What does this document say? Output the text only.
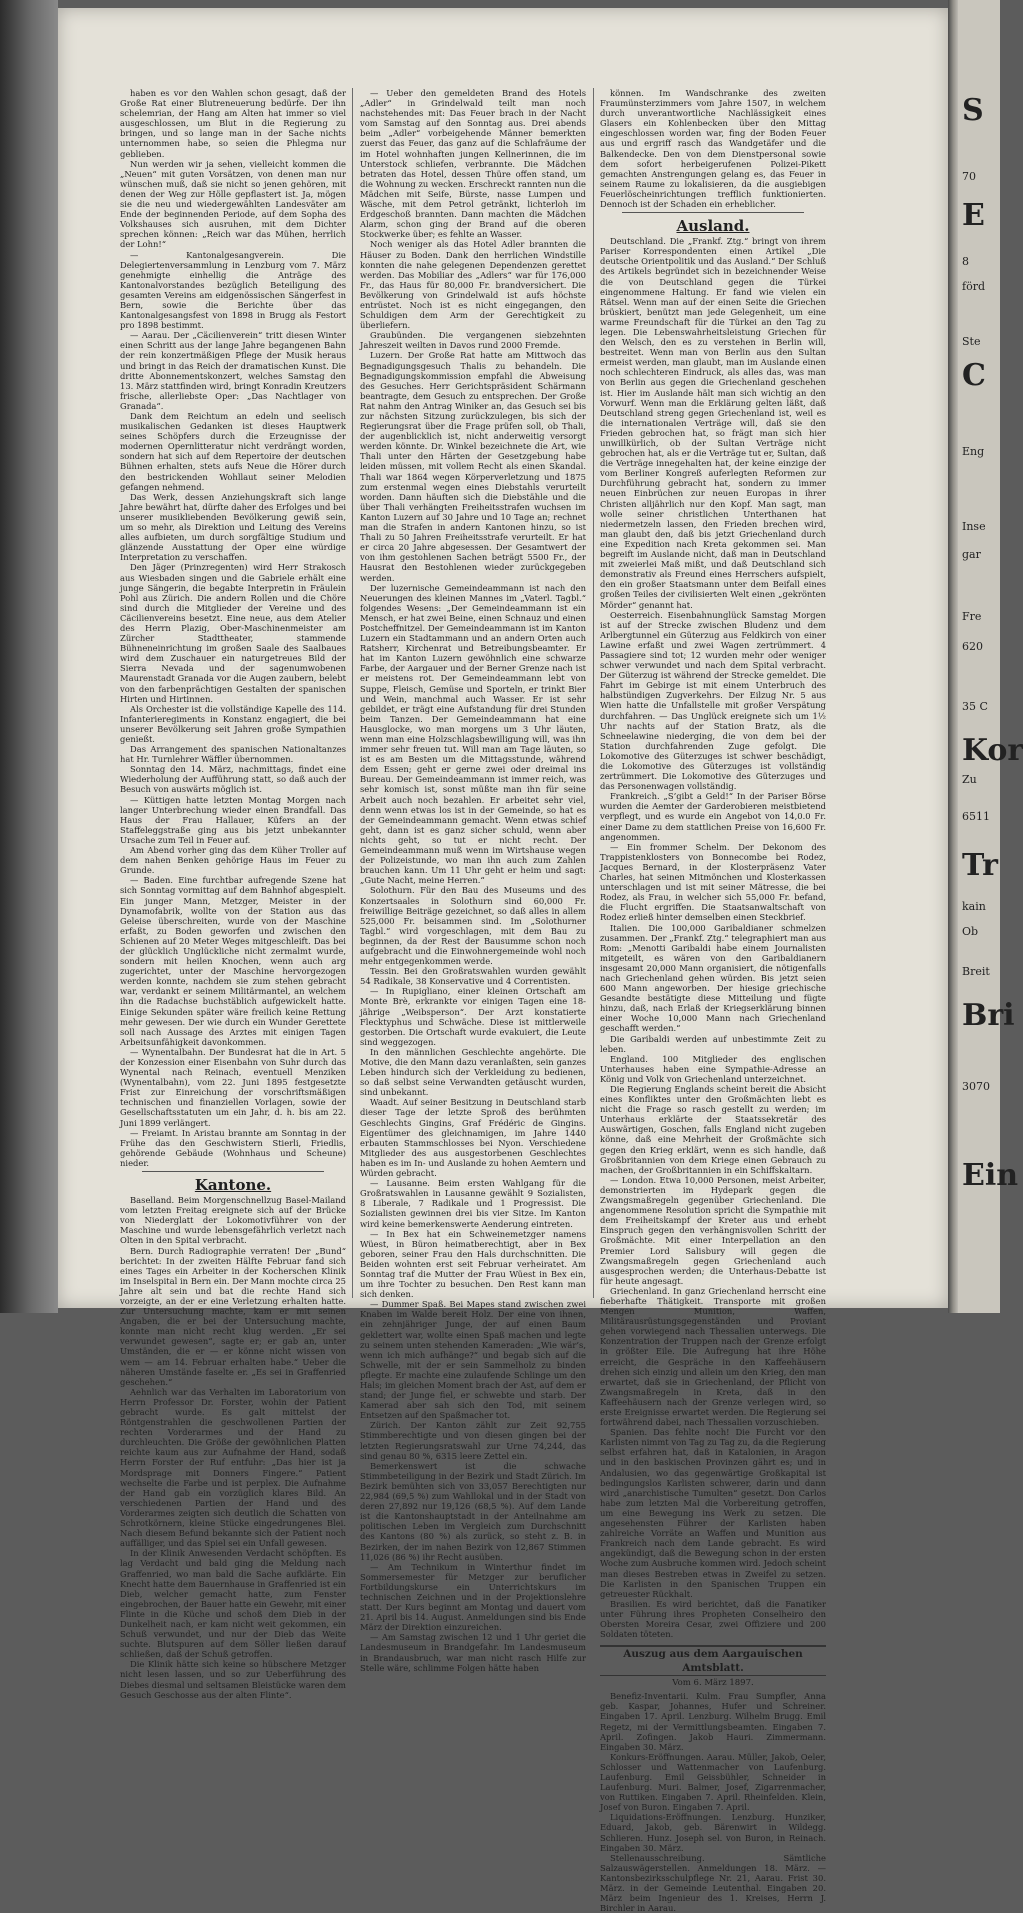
haben es vor den Wahlen schon gesagt, daß der Große Rat einer Blutreneuerung bedürfe. Der ihn schelemrian, der Hang am Alten hat immer so viel ausgeschlossen, um Blut in die Regierung zu bringen, und so lange man in der Sache nichts unternommen habe, so seien die Phlegma nur geblieben.

Nun werden wir ja sehen, vielleicht kommen die „Neuen“ mit guten Vorsätzen, von denen man nur wünschen muß, daß sie nicht so jenen gehören, mit denen der Weg zur Hölle gepflastert ist. Ja, mögen sie die neu und wiedergewählten Landesväter am Ende der beginnenden Periode, auf dem Sopha des Volkshauses sich ausruhen, mit dem Dichter sprechen können: „Reich war das Mühen, herrlich der Lohn!“

— Kantonalgesangverein. Die Delegiertenversammlung in Lenzburg vom 7. März genehmigte einhellig die Anträge des Kantonalvorstandes bezüglich Beteiligung des gesamten Vereins am eidgenössischen Sängerfest in Bern, sowie die Berichte über das Kantonalgesangsfest von 1898 in Brugg als Festort pro 1898 bestimmt.

— Aarau. Der „Cäcilienverein“ tritt diesen Winter einen Schritt aus der lange Jahre begangenen Bahn der rein konzertmäßigen Pflege der Musik heraus und bringt in das Reich der dramatischen Kunst. Die dritte Abonnementskonzert, welches Samstag den 13. März stattfinden wird, bringt Konradin Kreutzers frische, allerliebste Oper: „Das Nachtlager von Granada“.

Dank dem Reichtum an edeln und seelisch musikalischen Gedanken ist dieses Hauptwerk seines Schöpfers durch die Erzeugnisse der modernen Opernlitteratur nicht verdrängt worden, sondern hat sich auf dem Repertoire der deutschen Bühnen erhalten, stets aufs Neue die Hörer durch den bestrickenden Wohllaut seiner Melodien gefangen nehmend.

Das Werk, dessen Anziehungskraft sich lange Jahre bewährt hat, dürfte daher des Erfolges und bei unserer musikliebenden Bevölkerung gewiß sein, um so mehr, als Direktion und Leitung des Vereins alles aufbieten, um durch sorgfältige Studium und glänzende Ausstattung der Oper eine würdige Interpretation zu verschaffen.

Den Jäger (Prinzregenten) wird Herr Strakosch aus Wiesbaden singen und die Gabriele erhält eine junge Sängerin, die begabte Interpretin in Fräulein Pohl aus Zürich. Die andern Rollen und die Chöre sind durch die Mitglieder der Vereine und des Cäcilienvereins besetzt. Eine neue, aus dem Atelier des Herrn Plazig, Ober-Maschinenmeister am Zürcher Stadttheater, stammende Bühneneinrichtung im großen Saale des Saalbaues wird dem Zuschauer ein naturgetreues Bild der Sierra Nevada und der sagenumwobenen Maurenstadt Granada vor die Augen zaubern, belebt von den farbenprächtigen Gestalten der spanischen Hirten und Hirtinnen.

Als Orchester ist die vollständige Kapelle des 114. Infanterieregiments in Konstanz engagiert, die bei unserer Bevölkerung seit Jahren große Sympathien genießt.

Das Arrangement des spanischen Nationaltanzes hat Hr. Turnlehrer Wäffler übernommen.

Sonntag den 14. März, nachmittags, findet eine Wiederholung der Aufführung statt, so daß auch der Besuch von auswärts möglich ist.

— Küttigen hatte letzten Montag Morgen nach langer Unterbrechung wieder einen Brandfall. Das Haus der Frau Hallauer, Küfers an der Staffeleggstraße ging aus bis jetzt unbekannter Ursache zum Teil in Feuer auf.

Am Abend vorher ging das dem Küher Troller auf dem nahen Benken gehörige Haus im Feuer zu Grunde.

— Baden. Eine furchtbar aufregende Szene hat sich Sonntag vormittag auf dem Bahnhof abgespielt. Ein junger Mann, Metzger, Meister in der Dynamofabrik, wollte von der Station aus das Geleise überschreiten, wurde von der Maschine erfaßt, zu Boden geworfen und zwischen den Schienen auf 20 Meter Weges mitgeschleift. Das bei der glücklich Unglückliche nicht zermalmt wurde, sondern mit heilen Knochen, wenn auch arg zugerichtet, unter der Maschine hervorgezogen werden konnte, nachdem sie zum stehen gebracht war, verdankt er seinem Militärmantel, an welchem ihn die Radachse buchstäblich aufgewickelt hatte. Einige Sekunden später wäre freilich keine Rettung mehr gewesen. Der wie durch ein Wunder Gerettete soll nach Aussage des Arztes mit einigen Tagen Arbeitsunfähigkeit davonkommen.

— Wynentalbahn. Der Bundesrat hat die in Art. 5 der Konzession einer Eisenbahn von Suhr durch das Wynental nach Reinach, eventuell Menziken (Wynentalbahn), vom 22. Juni 1895 festgesetzte Frist zur Einreichung der vorschriftsmäßigen technischen und finanziellen Vorlagen, sowie der Gesellschaftsstatuten um ein Jahr, d. h. bis am 22. Juni 1899 verlängert.

— Freiamt. In Aristau brannte am Sonntag in der Frühe das den Geschwistern Stierli, Friedlis, gehörende Gebäude (Wohnhaus und Scheune) nieder.

Kantone.

Baselland. Beim Morgenschnellzug Basel-Mailand vom letzten Freitag ereignete sich auf der Brücke von Niederglatt der Lokomotivführer von der Maschine und wurde lebensgefährlich verletzt nach Olten in den Spital verbracht.

Bern. Durch Radiographie verraten! Der „Bund“ berichtet: In der zweiten Hälfte Februar fand sich eines Tages ein Arbeiter in der Kocherschen Klinik im Inselspital in Bern ein. Der Mann mochte circa 25 Jahre alt sein und bat die rechte Hand sich vorzeigte, an der er eine Verletzung erhalten hatte. Zur Untersuchung machte, kam er mit seinen Angaben, die er bei der Untersuchung machte, konnte man nicht recht klug werden. „Er sei verwundet gewesen“, sagte er; er gab an, unter Umständen, die er — er könne nicht wissen von wem — am 14. Februar erhalten habe.“ Ueber die näheren Umstände faselte er. „Es sei in Graffenried geschehen.“

Aehnlich war das Verhalten im Laboratorium von Herrn Professor Dr. Forster, wohin der Patient gebracht wurde. Es galt mittelst der Röntgenstrahlen die geschwollenen Partien der rechten Vorderarmes und der Hand zu durchleuchten. Die Größe der gewöhnlichen Platten reichte kaum aus zur Aufnahme der Hand, sodaß Herrn Forster der Ruf entfuhr: „Das hier ist ja Mordsprage mit Donners Fingere.“ Patient wechselte die Farbe und ist perplex. Die Aufnahme der Hand gab ein vorzüglich klares Bild. An verschiedenen Partien der Hand und des Vorderarmes zeigten sich deutlich die Schatten von Schrotkörnern, kleine Stücke eingedrungenes Blei. Nach diesem Befund bekannte sich der Patient noch auffälliger, und das Spiel sei ein Unfall gewesen.

In der Klinik Anwesenden Verdacht schöpften. Es lag Verdacht und bald ging die Meldung nach Graffenried, wo man bald die Sache aufklärte. Ein Knecht hatte dem Bauernhause in Graffenried ist ein Dieb, welcher gemacht hatte, zum Fenster eingebrochen, der Bauer hatte ein Gewehr, mit einer Flinte in die Küche und schoß dem Dieb in der Dunkelheit nach, er kam nicht weit gekommen, ein Schuß verwundet, und nur der Dieb das Weite suchte. Blutspuren auf dem Söller ließen darauf schließen, daß der Schuß getroffen.

Die Klinik hätte sich keine so hübschere Metzger nicht lesen lassen, und so zur Ueberführung des Diebes diesmal und seltsamen Bleistücke waren dem Gesuch Geschosse aus der alten Flinte“.

— Ueber den gemeldeten Brand des Hotels „Adler“ in Grindelwald teilt man noch nachstehendes mit: Das Feuer brach in der Nacht vom Samstag auf den Sonntag aus. Drei abends beim „Adler“ vorbeigehende Männer bemerkten zuerst das Feuer, das ganz auf die Schlafräume der im Hotel wohnhaften jungen Kellnerinnen, die im Unterstock schliefen, verbrannte. Die Mädchen betraten das Hotel, dessen Thüre offen stand, um die Wohnung zu wecken. Erschreckt rannten nun die Mädchen mit Seife, Bürste, nasse Lumpen und Wäsche, mit dem Petrol getränkt, lichterloh im Erdgeschoß brannten. Dann machten die Mädchen Alarm, schon ging der Brand auf die oberen Stockwerke über; es fehlte an Wasser.

Noch weniger als das Hotel Adler brannten die Häuser zu Boden. Dank den herrlichen Windstille konnten die nahe gelegenen Dependenzen gerettet werden. Das Mobiliar des „Adlers“ war für 176,000 Fr., das Haus für 80,000 Fr. brandversichert. Die Bevölkerung von Grindelwald ist aufs höchste entrüstet. Noch ist es nicht eingegangen, den Schuldigen dem Arm der Gerechtigkeit zu überliefern.

Graubünden. Die vergangenen siebzehnten Jahreszeit weilten in Davos rund 2000 Fremde.

Luzern. Der Große Rat hatte am Mittwoch das Begnadigungsgesuch Thalis zu behandeln. Die Begnadigungskommission empfahl die Abweisung des Gesuches. Herr Gerichtspräsident Schärmann beantragte, dem Gesuch zu entsprechen. Der Große Rat nahm den Antrag Winiker an, das Gesuch sei bis zur nächsten Sitzung zurückzulegen, bis sich der Regierungsrat über die Frage prüfen soll, ob Thali, der augenblicklich ist, nicht anderweitig versorgt werden könnte. Dr. Winkel bezeichnete die Art, wie Thali unter den Härten der Gesetzgebung habe leiden müssen, mit vollem Recht als einen Skandal. Thali war 1864 wegen Körperverletzung und 1875 zum erstenmal wegen eines Diebstahls verurteilt worden. Dann häuften sich die Diebstähle und die über Thali verhängten Freiheitsstrafen wuchsen im Kanton Luzern auf 30 Jahre und 10 Tage an; rechnet man die Strafen in andern Kantonen hinzu, so ist Thali zu 50 Jahren Freiheitsstrafe verurteilt. Er hat er circa 20 Jahre abgesessen. Der Gesamtwert der von ihm gestohlenen Sachen beträgt 5500 Fr., der Hausrat den Bestohlenen wieder zurückgegeben werden.

Der luzernische Gemeindeammann ist nach den Neuerungen des kleinen Mannes im „Vaterl. Tagbl.“ folgendes Wesens: „Der Gemeindeammann ist ein Mensch, er hat zwei Beine, einen Schnauz und einen Postcheffnitzel. Der Gemeindeammann ist im Kanton Luzern ein Stadtammann und an andern Orten auch Ratsherr, Kirchenrat und Betreibungsbeamter. Er hat im Kanton Luzern gewöhnlich eine schwarze Farbe, der Aargauer und der Berner Grenze nach ist er meistens rot. Der Gemeindeammann lebt von Suppe, Fleisch, Gemüse und Sporteln, er trinkt Bier und Wein, manchmal auch Wasser. Er ist sehr gebildet, er trägt eine Aufstandung für drei Stunden beim Tanzen. Der Gemeindeammann hat eine Hausglocke, wo man morgens um 3 Uhr läuten, wenn man eine Holzschlagsbewilligung will, was ihn immer sehr freuen tut. Will man am Tage läuten, so ist es am Besten um die Mittagsstunde, während dem Essen; geht er gerne zwei oder dreimal ins Bureau. Der Gemeindeammann ist immer reich, was sehr komisch ist, sonst müßte man ihn für seine Arbeit auch noch bezahlen. Er arbeitet sehr viel, denn wenn etwas los ist in der Gemeinde, so hat es der Gemeindeammann gemacht. Wenn etwas schief geht, dann ist es ganz sicher schuld, wenn aber nichts geht, so tut er nicht recht. Der Gemeindeammann muß wenn im Wirtshause wegen der Polizeistunde, wo man ihn auch zum Zahlen brauchen kann. Um 11 Uhr geht er heim und sagt: „Gute Nacht, meine Herren.“

Solothurn. Für den Bau des Museums und des Konzertsaales in Solothurn sind 60,000 Fr. freiwillige Beiträge gezeichnet, so daß alles in allem 525,000 Fr. beisammen sind. Im „Solothurner Tagbl.“ wird vorgeschlagen, mit dem Bau zu beginnen, da der Rest der Bausumme schon noch aufgebracht und die Einwohnergemeinde wohl noch mehr entgegenkommen werde.

Tessin. Bei den Großratswahlen wurden gewählt 54 Radikale, 38 Konservative und 4 Correntisten.

— In Rupigliano, einer kleinen Ortschaft am Monte Brè, erkrankte vor einigen Tagen eine 18-jährige „Weibsperson“. Der Arzt konstatierte Flecktyphus und Schwäche. Diese ist mittlerweile gestorben. Die Ortschaft wurde evakuiert, die Leute sind weggezogen.

In den männlichen Geschlechte angehörte. Die Motive, die den Mann dazu veranlaßten, sein ganzes Leben hindurch sich der Verkleidung zu bedienen, so daß selbst seine Verwandten getäuscht wurden, sind unbekannt.

Waadt. Auf seiner Besitzung in Deutschland starb dieser Tage der letzte Sproß des berühmten Geschlechts Gingins, Graf Frédéric de Gingins. Eigentümer des gleichnamigen, im Jahre 1440 erbauten Stammschlosses bei Nyon. Verschiedene Mitglieder des aus ausgestorbenen Geschlechtes haben es im In- und Auslande zu hohen Aemtern und Würden gebracht.

— Lausanne. Beim ersten Wahlgang für die Großratswahlen in Lausanne gewählt 9 Sozialisten, 8 Liberale, 7 Radikale und 1 Progressist. Die Sozialisten gewinnen drei bis vier Sitze. Im Kanton wird keine bemerkenswerte Aenderung eintreten.

— In Bex hat ein Schweinemetzger namens Wüest, in Büron heimatberechtigt, aber in Bex geboren, seiner Frau den Hals durchschnitten. Die Beiden wohnten erst seit Februar verheiratet. Am Sonntag traf die Mutter der Frau Wüest in Bex ein, um ihre Tochter zu besuchen. Den Rest kann man sich denken.

— Dummer Spaß. Bei Mapes stand zwischen zwei Knaben im Walde bereit Holz. Der eine von ihnen, ein zehnjähriger Junge, der auf einen Baum geklettert war, wollte einen Spaß machen und legte zu seinem unten stehenden Kameraden: „Wie wär’s, wenn ich mich aufhänge?“ und begab sich auf die Schwelle, mit der er sein Sammelholz zu binden pflegte. Er machte eine zulaufende Schlinge um den Hals; im gleichen Moment brach der Ast, auf dem er stand; der Junge fiel, er schwebte und starb. Der Kamerad aber sah sich den Tod, mit seinem Entsetzen auf den Spaßmacher tot.

Zürich. Der Kanton zählt zur Zeit 92,755 Stimmberechtigte und von diesen gingen bei der letzten Regierungsratswahl zur Urne 74,244, das sind genau 80 %, 6315 leere Zettel ein.

Bemerkenswert ist die schwache Stimmbeteiligung in der Bezirk und Stadt Zürich. Im Bezirk bemühten sich von 33,057 Berechtigten nur 22,984 (69,5 %) zum Wahllokal und in der Stadt von deren 27,892 nur 19,126 (68,5 %). Auf dem Lande ist die Kantonshauptstadt in der Anteilnahme am politischen Leben im Vergleich zum Durchschnitt des Kantons (80 %) als zurück, so steht z. B. in Bezirken, der im nahen Bezirk von 12,867 Stimmen 11,026 (86 %) ihr Recht ausüben.

— Am Technikum in Winterthur findet im Sommersemester für Metzger zur beruflicher Fortbildungskurse ein Unterrichtskurs im technischen Zeichnen und in der Projektionslehre statt. Der Kurs beginnt am Montag und dauert vom 21. April bis 14. August. Anmeldungen sind bis Ende März der Direktion einzureichen.

— Am Samstag zwischen 12 und 1 Uhr geriet die Landesmuseum in Brandgefahr. Im Landesmuseum in Brandausbruch, war man nicht rasch Hilfe zur Stelle wäre, schlimme Folgen hätte haben

können. Im Wandschranke des zweiten Fraumünsterzimmers vom Jahre 1507, in welchem durch unverantwortliche Nachlässigkeit eines Glasers ein Kohlenbecken über den Mittag eingeschlossen worden war, fing der Boden Feuer aus und ergriff rasch das Wandgetäfer und die Balkendecke. Den von dem Dienstpersonal sowie dem sofort herbeigerufenen Polizei-Pikett gemachten Anstrengungen gelang es, das Feuer in seinem Raume zu lokalisieren, da die ausgiebigen Feuerlöscheinrichtungen trefflich funktionierten. Dennoch ist der Schaden ein erheblicher.

Ausland.

Deutschland. Die „Frankf. Ztg.“ bringt von ihrem Pariser Korrespondenten einen Artikel „Die deutsche Orientpolitik und das Ausland.“ Der Schluß des Artikels begründet sich in bezeichnender Weise die von Deutschland gegen die Türkei eingenommene Haltung. Er fand wie vielen ein Rätsel. Wenn man auf der einen Seite die Griechen brüskiert, benützt man jede Gelegenheit, um eine warme Freundschaft für die Türkei an den Tag zu legen. Die Lebenswahrheitsleistung Griechen für den Welsch, den es zu verstehen in Berlin will, bestreitet. Wenn man von Berlin aus den Sultan ermeist werden, man glaubt, man im Auslande einen noch schlechteren Eindruck, als alles das, was man von Berlin aus gegen die Griechenland geschehen ist. Hier im Auslande hält man sich wichtig an den Vorwurf. Wenn man die Erklärung gelten läßt, daß Deutschland streng gegen Griechenland ist, weil es die internationalen Verträge will, daß sie den Frieden gebrochen hat, so frägt man sich hier unwillkürlich, ob der Sultan Verträge nicht gebrochen hat, als er die Verträge tut er, Sultan, daß die Verträge innegehalten hat, der keine einzige der vom Berliner Kongreß auferlegten Reformen zur Durchführung gebracht hat, sondern zu immer neuen Einbrüchen zur neuen Europas in ihrer Christen alljährlich nur den Kopf. Man sagt, man wolle seiner christlichen Unterthanen hat niedermetzeln lassen, den Frieden brechen wird, man glaubt den, daß bis jetzt Griechenland durch eine Expedition nach Kreta gekommen sei. Man begreift im Auslande nicht, daß man in Deutschland mit zweierlei Maß mißt, und daß Deutschland sich demonstrativ als Freund eines Herrschers aufspielt, den ein großer Staatsmann unter dem Beifall eines großen Teiles der civilisierten Welt einen „gekrönten Mörder“ genannt hat.

Oesterreich. Eisenbahnunglück Samstag Morgen ist auf der Strecke zwischen Bludenz und dem Arlbergtunnel ein Güterzug aus Feldkirch von einer Lawine erfaßt und zwei Wagen zertrümmert. 4 Passagiere sind tot; 12 wurden mehr oder weniger schwer verwundet und nach dem Spital verbracht. Der Güterzug ist während der Strecke gemeldet. Die Fahrt im Gebirge ist mit einem Unterbruch des halbstündigen Zugverkehrs. Der Eilzug Nr. 5 aus Wien hatte die Unfallstelle mit großer Verspätung durchfahren. — Das Unglück ereignete sich um 1½ Uhr nachts auf der Station Bratz, als die Schneelawine niederging, die von dem bei der Station durchfahrenden Zuge gefolgt. Die Lokomotive des Güterzuges ist schwer beschädigt, die Lokomotive des Güterzuges ist vollständig zertrümmert. Die Lokomotive des Güterzuges und das Personenwagen vollständig.

Frankreich. „S’gibt a Geld!“ In der Pariser Börse wurden die Aemter der Garderobieren meistbietend verpflegt, und es wurde ein Angebot von 14,0.0 Fr. einer Dame zu dem stattlichen Preise von 16,600 Fr. angenommen.

— Ein frommer Schelm. Der Dekonom des Trappistenklosters von Bonnecombe bei Rodez, Jacques Bernard, in der Klosterpräsenz Vater Charles, hat seinen Mitmönchen und Klosterkassen unterschlagen und ist mit seiner Mätresse, die bei Rodez, als Frau, in welcher sich 55,000 Fr. befand, die Flucht ergriffen. Die Staatsanwaltschaft von Rodez erließ hinter demselben einen Steckbrief.

Italien. Die 100,000 Garibaldianer schmelzen zusammen. Der „Frankf. Ztg.“ telegraphiert man aus Rom: „Menotti Garibaldi habe einem Journalisten mitgeteilt, es wären von den Garibaldianern insgesamt 20,000 Mann organisiert, die nötigenfalls nach Griechenland gehen würden. Bis jetzt seien 600 Mann angeworben. Der hiesige griechische Gesandte bestätigte diese Mitteilung und fügte hinzu, daß, nach Erlaß der Kriegserklärung binnen einer Woche 10,000 Mann nach Griechenland geschafft werden.“

Die Garibaldi werden auf unbestimmte Zeit zu leben.

England. 100 Mitglieder des englischen Unterhauses haben eine Sympathie-Adresse an König und Volk von Griechenland unterzeichnet.

Die Regierung Englands scheint bereit die Absicht eines Konfliktes unter den Großmächten liebt es nicht die Frage so rasch gestellt zu werden; im Unterhaus erklärte der Staatssekretär des Auswärtigen, Goschen, falls England nicht zugeben könne, daß eine Mehrheit der Großmächte sich gegen den Krieg erklärt, wenn es sich handle, daß Großbritannien von dem Kriege einen Gebrauch zu machen, der Großbritannien in ein Schiffskaltarn.

— London. Etwa 10,000 Personen, meist Arbeiter, demonstrierten im Hydepark gegen die Zwangsmaßregeln gegenüber Griechenland. Die angenommene Resolution spricht die Sympathie mit dem Freiheitskampf der Kreter aus und erhebt Einspruch gegen den verhängnisvollen Schritt der Großmächte. Mit einer Interpellation an den Premier Lord Salisbury will gegen die Zwangsmaßregeln gegen Griechenland auch ausgesprochen werden; die Unterhaus-Debatte ist für heute angesagt.

Griechenland. In ganz Griechenland herrscht eine fieberhafte Thätigkeit. Transporte mit großen Mengen Munition, Waffen, Militärausrüstungsgegenständen und Proviant gehen vorwiegend nach Thessalien unterwegs. Die Konzentration der Truppen nach der Grenze erfolgt in größter Eile. Die Aufregung hat ihre Höhe erreicht, die Gespräche in den Kaffeehäusern drehen sich einzig und allein um den Krieg, den man erwartet, daß sie in Griechenland, der Pflicht von Zwangsmaßregeln in Kreta, daß in den Kaffeehäusern nach der Grenze verlegen wird, so erste Ereignisse erwartet werden. Die Regierung sei fortwährend dabei, nach Thessalien vorzuschieben.

Spanien. Das fehlte noch! Die Furcht vor den Karlisten nimmt von Tag zu Tag zu, da die Regierung selbst erfahren hat, daß in Katalonien, in Aragon und in den baskischen Provinzen gährt es; und in Andalusien, wo das gegenwärtige Großkapital ist bedingungslos Karlisten schwerer, darin und dann wird „anarchistische Tumulten“ gesetzt. Don Carlos habe zum letzten Mal die Vorbereitung getroffen, um eine Bewegung ins Werk zu setzen. Die angesehensten Führer der Karlisten haben zahlreiche Vorräte an Waffen und Munition aus Frankreich nach dem Lande gebracht. Es wird angekündigt, daß die Bewegung schon in der ersten Woche zum Ausbruche kommen wird. Jedoch scheint man dieses Bestreben etwas in Zweifel zu setzen. Die Karlisten in den Spanischen Truppen ein getreuester Rückhalt.

Brasilien. Es wird berichtet, daß die Fanatiker unter Führung ihres Propheten Conselheiro den Obersten Moreira Cesar, zwei Offiziere und 200 Soldaten töteten.

Auszug aus dem Aargauischen Amtsblatt.
Vom 6. März 1897.

Benefiz-Inventarii. Kulm. Frau Sumpfler, Anna geb. Kaspar, Johannes, Hufer und Schreiner. Eingaben 17. April. Lenzburg. Wilhelm Brugg. Emil Regetz, mi der Vermittlungsbeamten. Eingaben 7. April. Zofingen. Jakob Hauri. Zimmermann. Eingaben 30. März.

Konkurs-Eröffnungen. Aarau. Müller, Jakob, Oeler, Schlosser und Wattenmacher von Laufenburg. Laufenburg. Emil Geissbühler, Schneider in Laufenburg. Muri. Balmer, Josef, Zigarrenmacher, von Ruttiken. Eingaben 7. April. Rheinfelden. Klein, Josef von Buron. Eingaben 7. April.

Liquidations-Eröffnungen. Lenzburg. Hunziker, Eduard, Jakob, geb. Bärenwirt in Wildegg. Schlieren. Hunz. Joseph sel. von Buron, in Reinach. Eingaben 30. März.

Stellenausschreibung. Sämtliche Salzauswägerstellen. Anmeldungen 18. März. — Kantonsbezirksschulpflege Nr. 21, Aarau. Frist 30. März. in der Gemeinde Leutenthal. Eingaben 20. März beim Ingenieur des 1. Kreises, Herrn J. Birchler in Aarau.

S
70
E
8
förd
Ste
C
Eng
Inse
gar
620
Fre
35 C
Kor
Zu
6511
Tr
kain
Ob
Breit
Bri
3070
Ein
